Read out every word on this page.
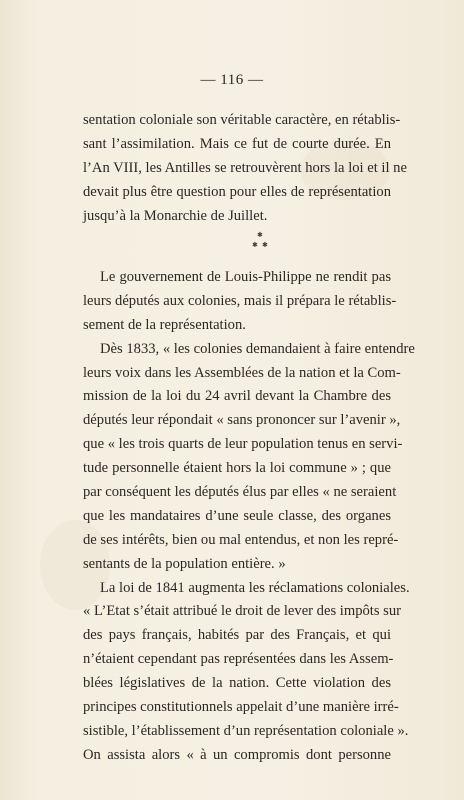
— 116 —
sentation coloniale son véritable caractère, en rétablis-
sant l’assimilation. Mais ce fut de courte durée. En
l’An VIII, les Antilles se retrouvèrent hors la loi et il ne
devait plus être question pour elles de représentation
jusqu’à la Monarchie de Juillet.
✱
✱ ✱
Le gouvernement de Louis-Philippe ne rendit pas
leurs députés aux colonies, mais il prépara le rétablis-
sement de la représentation.
Dès 1833, « les colonies demandaient à faire entendre
leurs voix dans les Assemblées de la nation et la Com-
mission de la loi du 24 avril devant la Chambre des
députés leur répondait « sans prononcer sur l’avenir »,
que « les trois quarts de leur population tenus en servi-
tude personnelle étaient hors la loi commune » ; que
par conséquent les députés élus par elles « ne seraient
que les mandataires d’une seule classe, des organes
de ses intérêts, bien ou mal entendus, et non les repré-
sentants de la population entière. »
La loi de 1841 augmenta les réclamations coloniales.
« L’Etat s’était attribué le droit de lever des impôts sur
des pays français, habités par des Français, et qui
n’étaient cependant pas représentées dans les Assem-
blées législatives de la nation. Cette violation des
principes constitutionnels appelait d’une manière irré-
sistible, l’établissement d’un représentation coloniale ».
On assista alors « à un compromis dont personne
